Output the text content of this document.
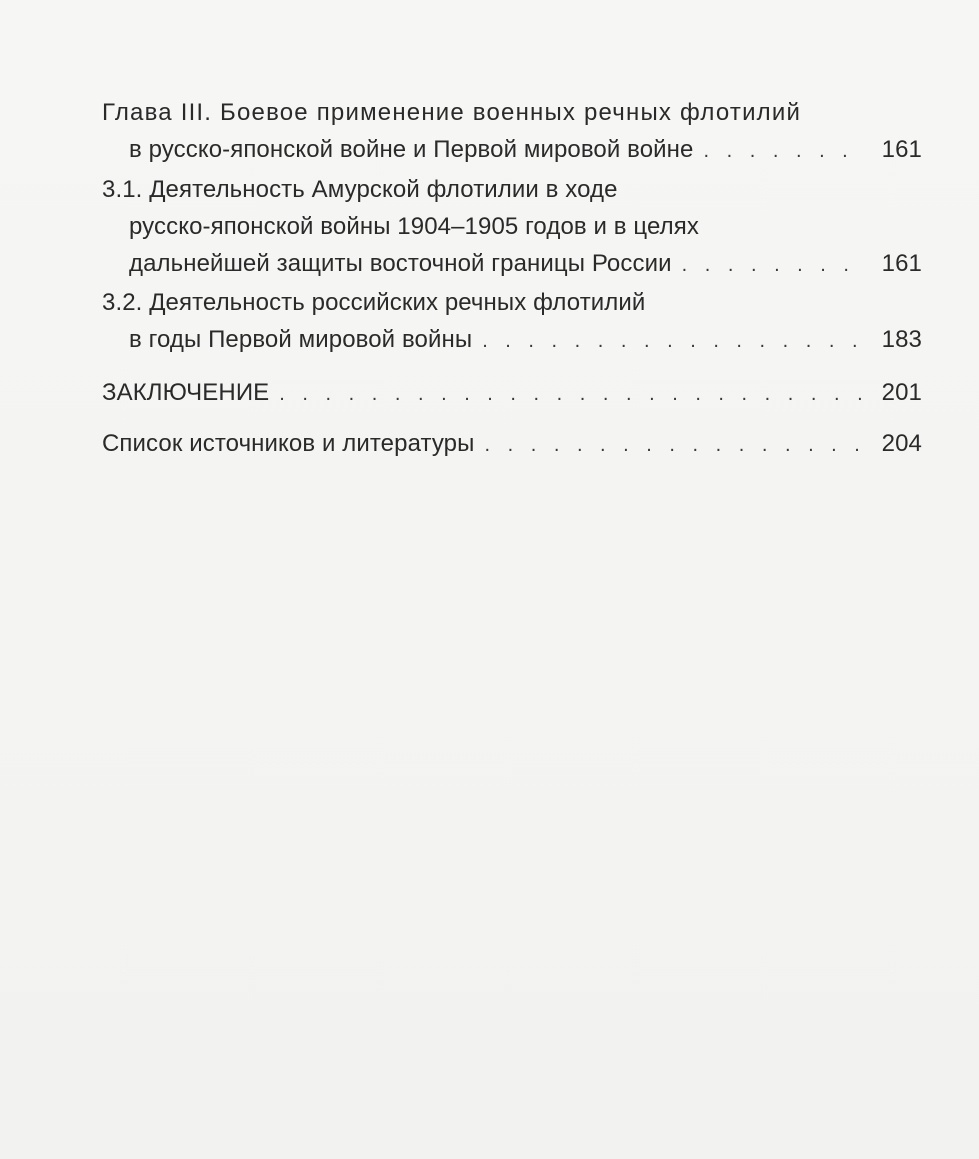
Глава III. Боевое применение военных речных флотилий
в русско-японской войне и Первой мировой войне . . .	161
3.1. Деятельность Амурской флотилии в ходе
русско-японской войны 1904–1905 годов и в целях
дальнейшей защиты восточной границы России . . .	161
3.2. Деятельность российских речных флотилий
в годы Первой мировой войны . . .	183
ЗАКЛЮЧЕНИЕ . . .	201
Список источников и литературы . . .	204
